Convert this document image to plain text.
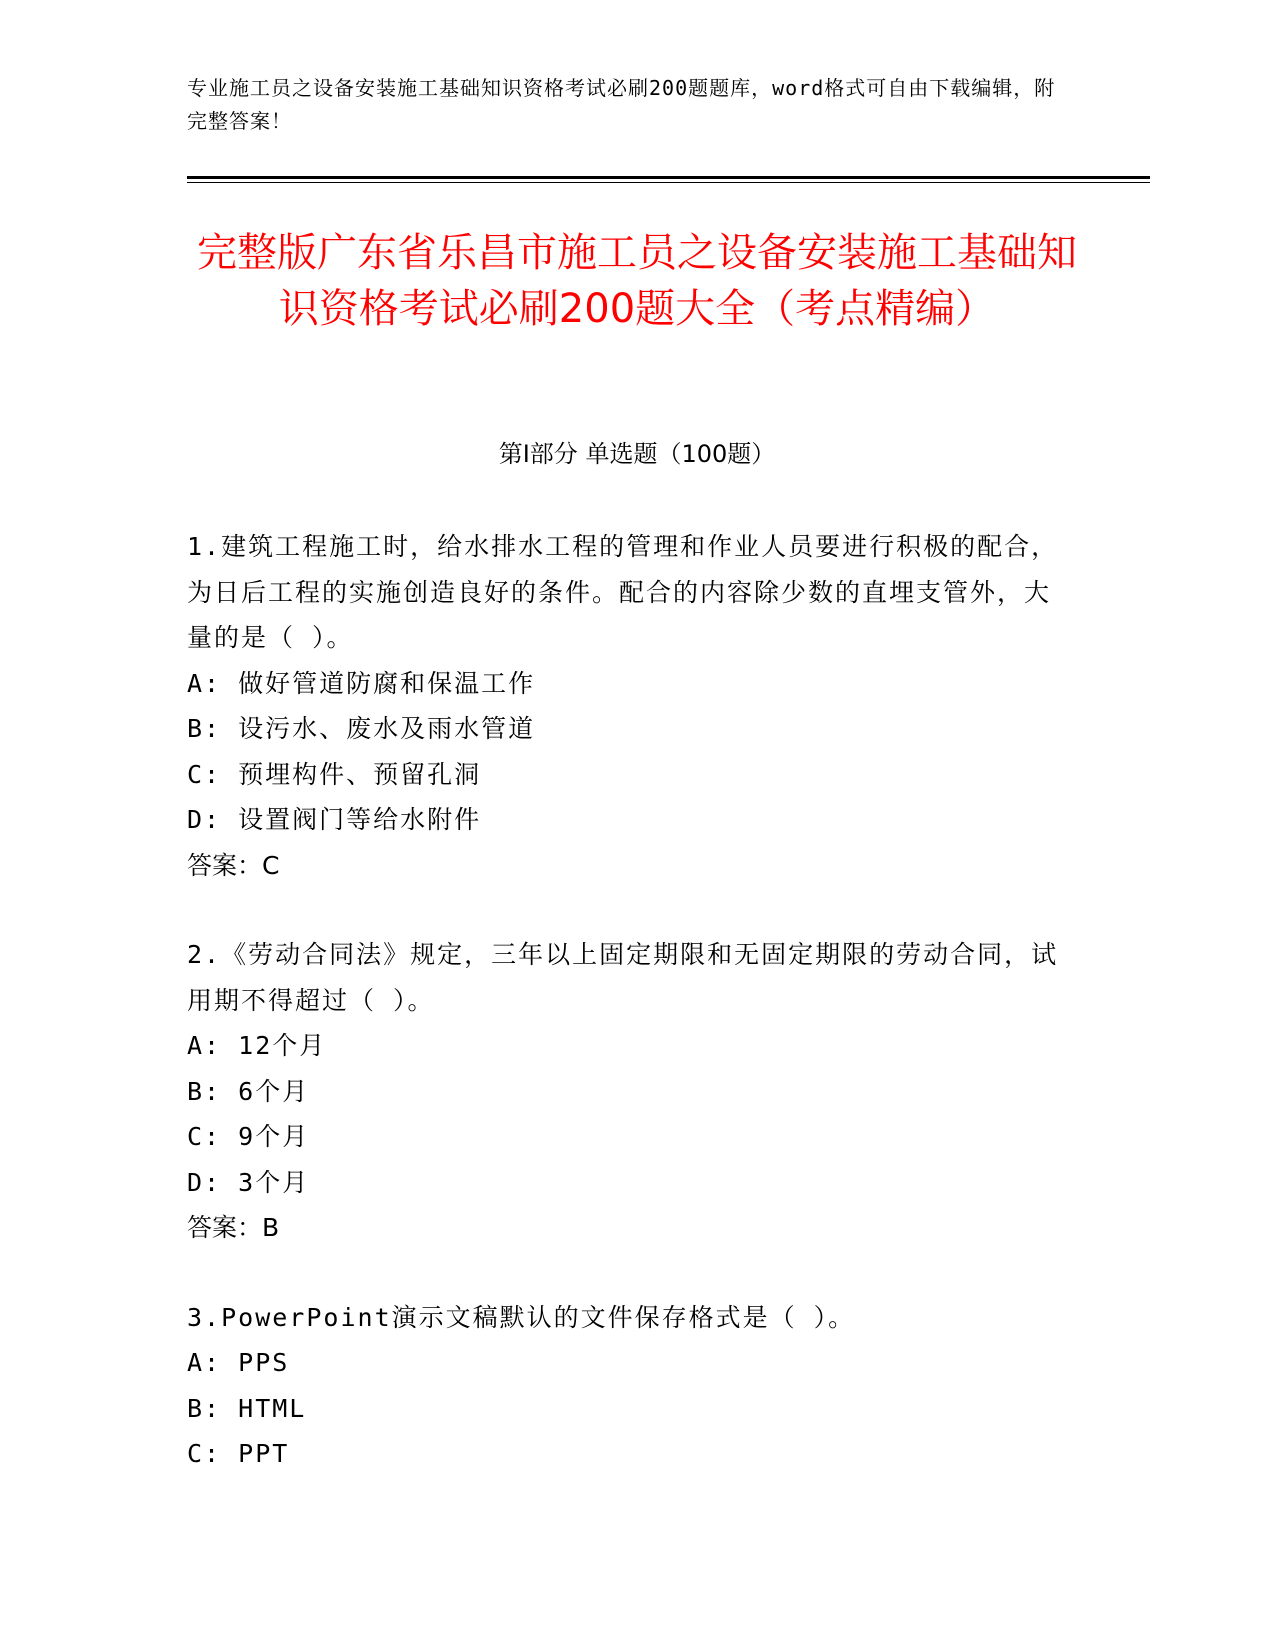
专业施工员之设备安装施工基础知识资格考试必刷200题题库，word格式可自由下载编辑，附完整答案！
完整版广东省乐昌市施工员之设备安装施工基础知识资格考试必刷200题大全（考点精编）
第Ⅰ部分 单选题（100题）

1.建筑工程施工时，给水排水工程的管理和作业人员要进行积极的配合，为日后工程的实施创造良好的条件。配合的内容除少数的直埋支管外，大量的是（ ）。

A: 做好管道防腐和保温工作

B: 设污水、废水及雨水管道

C: 预埋构件、预留孔洞

D: 设置阀门等给水附件

答案：C

2.《劳动合同法》规定，三年以上固定期限和无固定期限的劳动合同，试用期不得超过（ ）。

A: 12个月

B: 6个月

C: 9个月

D: 3个月

答案：B

3.PowerPoint演示文稿默认的文件保存格式是（ ）。

A: PPS

B: HTML

C: PPT
